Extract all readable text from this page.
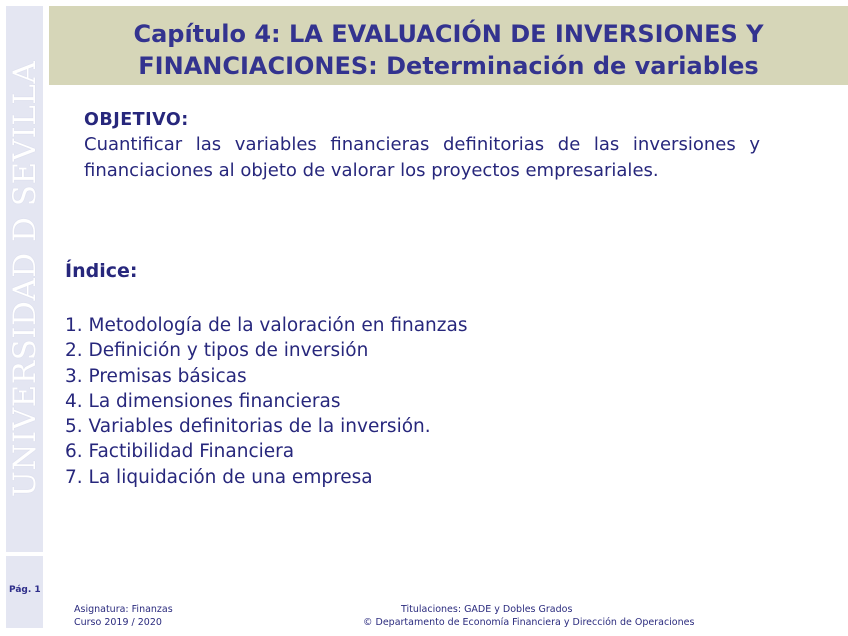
UNIVERSIDAD D SEVILLA
Pág. 1
Capítulo 4: LA EVALUACIÓN DE INVERSIONES Y
FINANCIACIONES: Determinación de variables
OBJETIVO:
Cuantificar las variables financieras definitorias de las inversiones y financiaciones al objeto de valorar los proyectos empresariales.
Índice:
1. Metodología de la valoración en finanzas
2. Definición y tipos de inversión
3. Premisas básicas
4. La dimensiones financieras
5. Variables definitorias de la inversión.
6. Factibilidad Financiera
7. La liquidación de una empresa
Asignatura: Finanzas
Curso 2019 / 2020
Titulaciones: GADE y Dobles Grados
© Departamento de Economía Financiera y Dirección de Operaciones
